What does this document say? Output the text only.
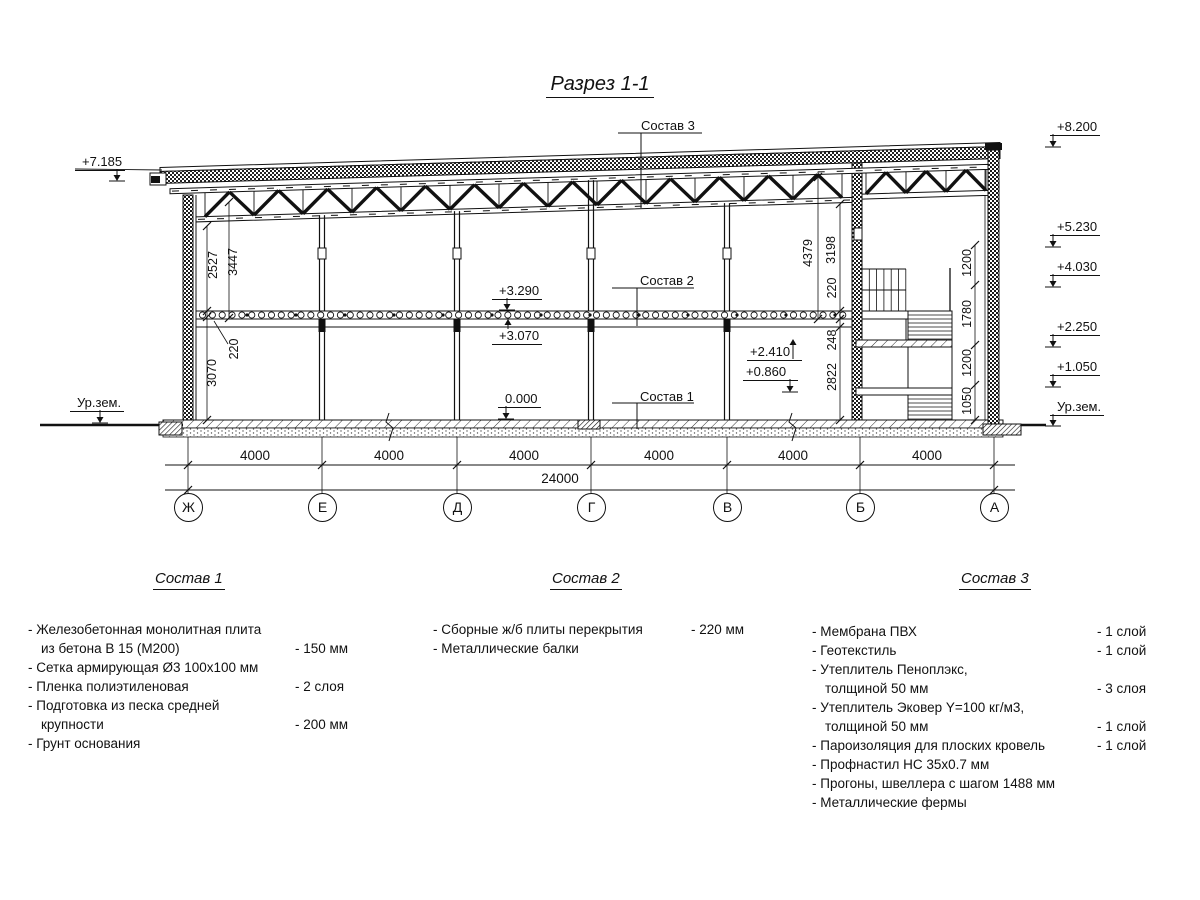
Разрез 1-1
+7.185
Ур.зем.
+8.200
+5.230
+4.030
+2.250
+1.050
Ур.зем.
+3.290
+3.070
0.000
+2.410
+0.860
2527 3447
220
3070
4379 3198
220
248
2822
1200
1780
1200
1050
4000	4000	4000	4000	4000	4000
24000
Состав 3
Состав 2
Состав 1
Ж	Е	Д	Г	В	Б	А
Состав 1
- Железобетонная монолитная плита
из бетона В 15 (М200)	- 150 мм
- Сетка армирующая Ø3 100х100 мм
- Пленка полиэтиленовая	- 2 слоя
- Подготовка из песка средней
крупности	- 200 мм
- Грунт основания
Состав 2
- Сборные ж/б плиты перекрытия	- 220 мм
- Металлические балки
Состав 3
- Мембрана ПВХ	- 1 слой
- Геотекстиль	- 1 слой
- Утеплитель Пеноплэкс,
толщиной 50 мм	- 3 слоя
- Утеплитель Эковер Y=100 кг/м3,
толщиной 50 мм	- 1 слой
- Пароизоляция для плоских кровель	- 1 слой
- Профнастил НС 35х0.7 мм
- Прогоны, швеллера с шагом 1488 мм
- Металлические фермы
